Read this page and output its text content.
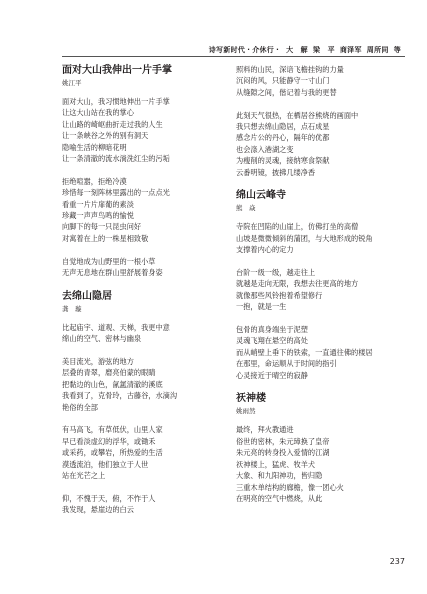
诗写新时代 · 介休行 · 大　解 梁　平 商泽军 周所同 等
面对大山我伸出一片手掌

姚江平

面对大山，我习惯地伸出一片手掌

让这大山站在我的掌心

让山路的崎岖曲折走过我的人生

让一条峡谷之外的别有洞天

隐喻生活的柳暗花明

让一条清澈的流水淌洗红尘的污垢

拒绝喧嚣，拒绝冷漠

珍惜每一刻阵林里露出的一点点光

看重一片片扉葡的素淡

珍藏一声声鸟鸣的愉悦

向脚下的每一只昆虫问好

对寓着在上的一株星相致敬

自觉地成为山野里的一根小草

无声无息地在群山里舒展着身姿

去绵山隐居

龚　璇

比起庙宇、道观、天梯，我更中意

绵山的空气、密林与幽泉

美目流光，游弦的地方

层叠的青翠，磨亮伯蒙的眼睛

把黏边的山色，氤氲清澈的溪底

我看到了，克骨玲，古藤谷，水滴沟

艳俗的全部

有马高飞，有草低伏，山里人家

早已看淡虚幻的浮华，或锄禾

或采药，或攀岩，所热爱的生活

漠透流泊，他们独立于人世

站在光芒之上

仰，不愧于天，俯，不怍于人

我发现，悬崖边的白云

照料的山民，深谙飞檐挂钩的力量

沉闷的风，只能静守一寸山门

从缝隙之间，偕记着与我的更替

此刻天气很热，在栖居谷熊烧的画面中

我只想去绵山隐居，点石成星

感念片公的丹心，隔年的优都

也会涤入港湖之变

为瘦削的灵魂，接纳寒食祭献

云番明镜，披拂几缕净香

绵山云峰寺

熊　焱

寺院在凹陷的山崖上，仿佛打坐的高僧

山坡是微微倾斜的蒲团，与大地形成的锐角

支撑着内心的定力

台阶一级一级，越走往上

就越是走向无限，我想去往更高的地方

就像那些风铃抱着希望修行

一抱，就是一生

包骨的真身端坐于泥塑

灵魂飞翔在悬空的高处

而从峭壁上垂下的铁索，一直通往佛的楼居

在那里，命运顺从于时间的指引

心灵接近于晴空的寂静

祆神楼

姚雨然

最终，拜火教通进

俗世的密林，朱元璋换了皇帝

朱元亮的转身投入爱情的江湖

祆神楼上，猛虎、牧羊犬

大象、和九阳神功，皆归隐

三重木单结构的廊檐，像一团心火

在明亮的空气中燃烧，从此

237
